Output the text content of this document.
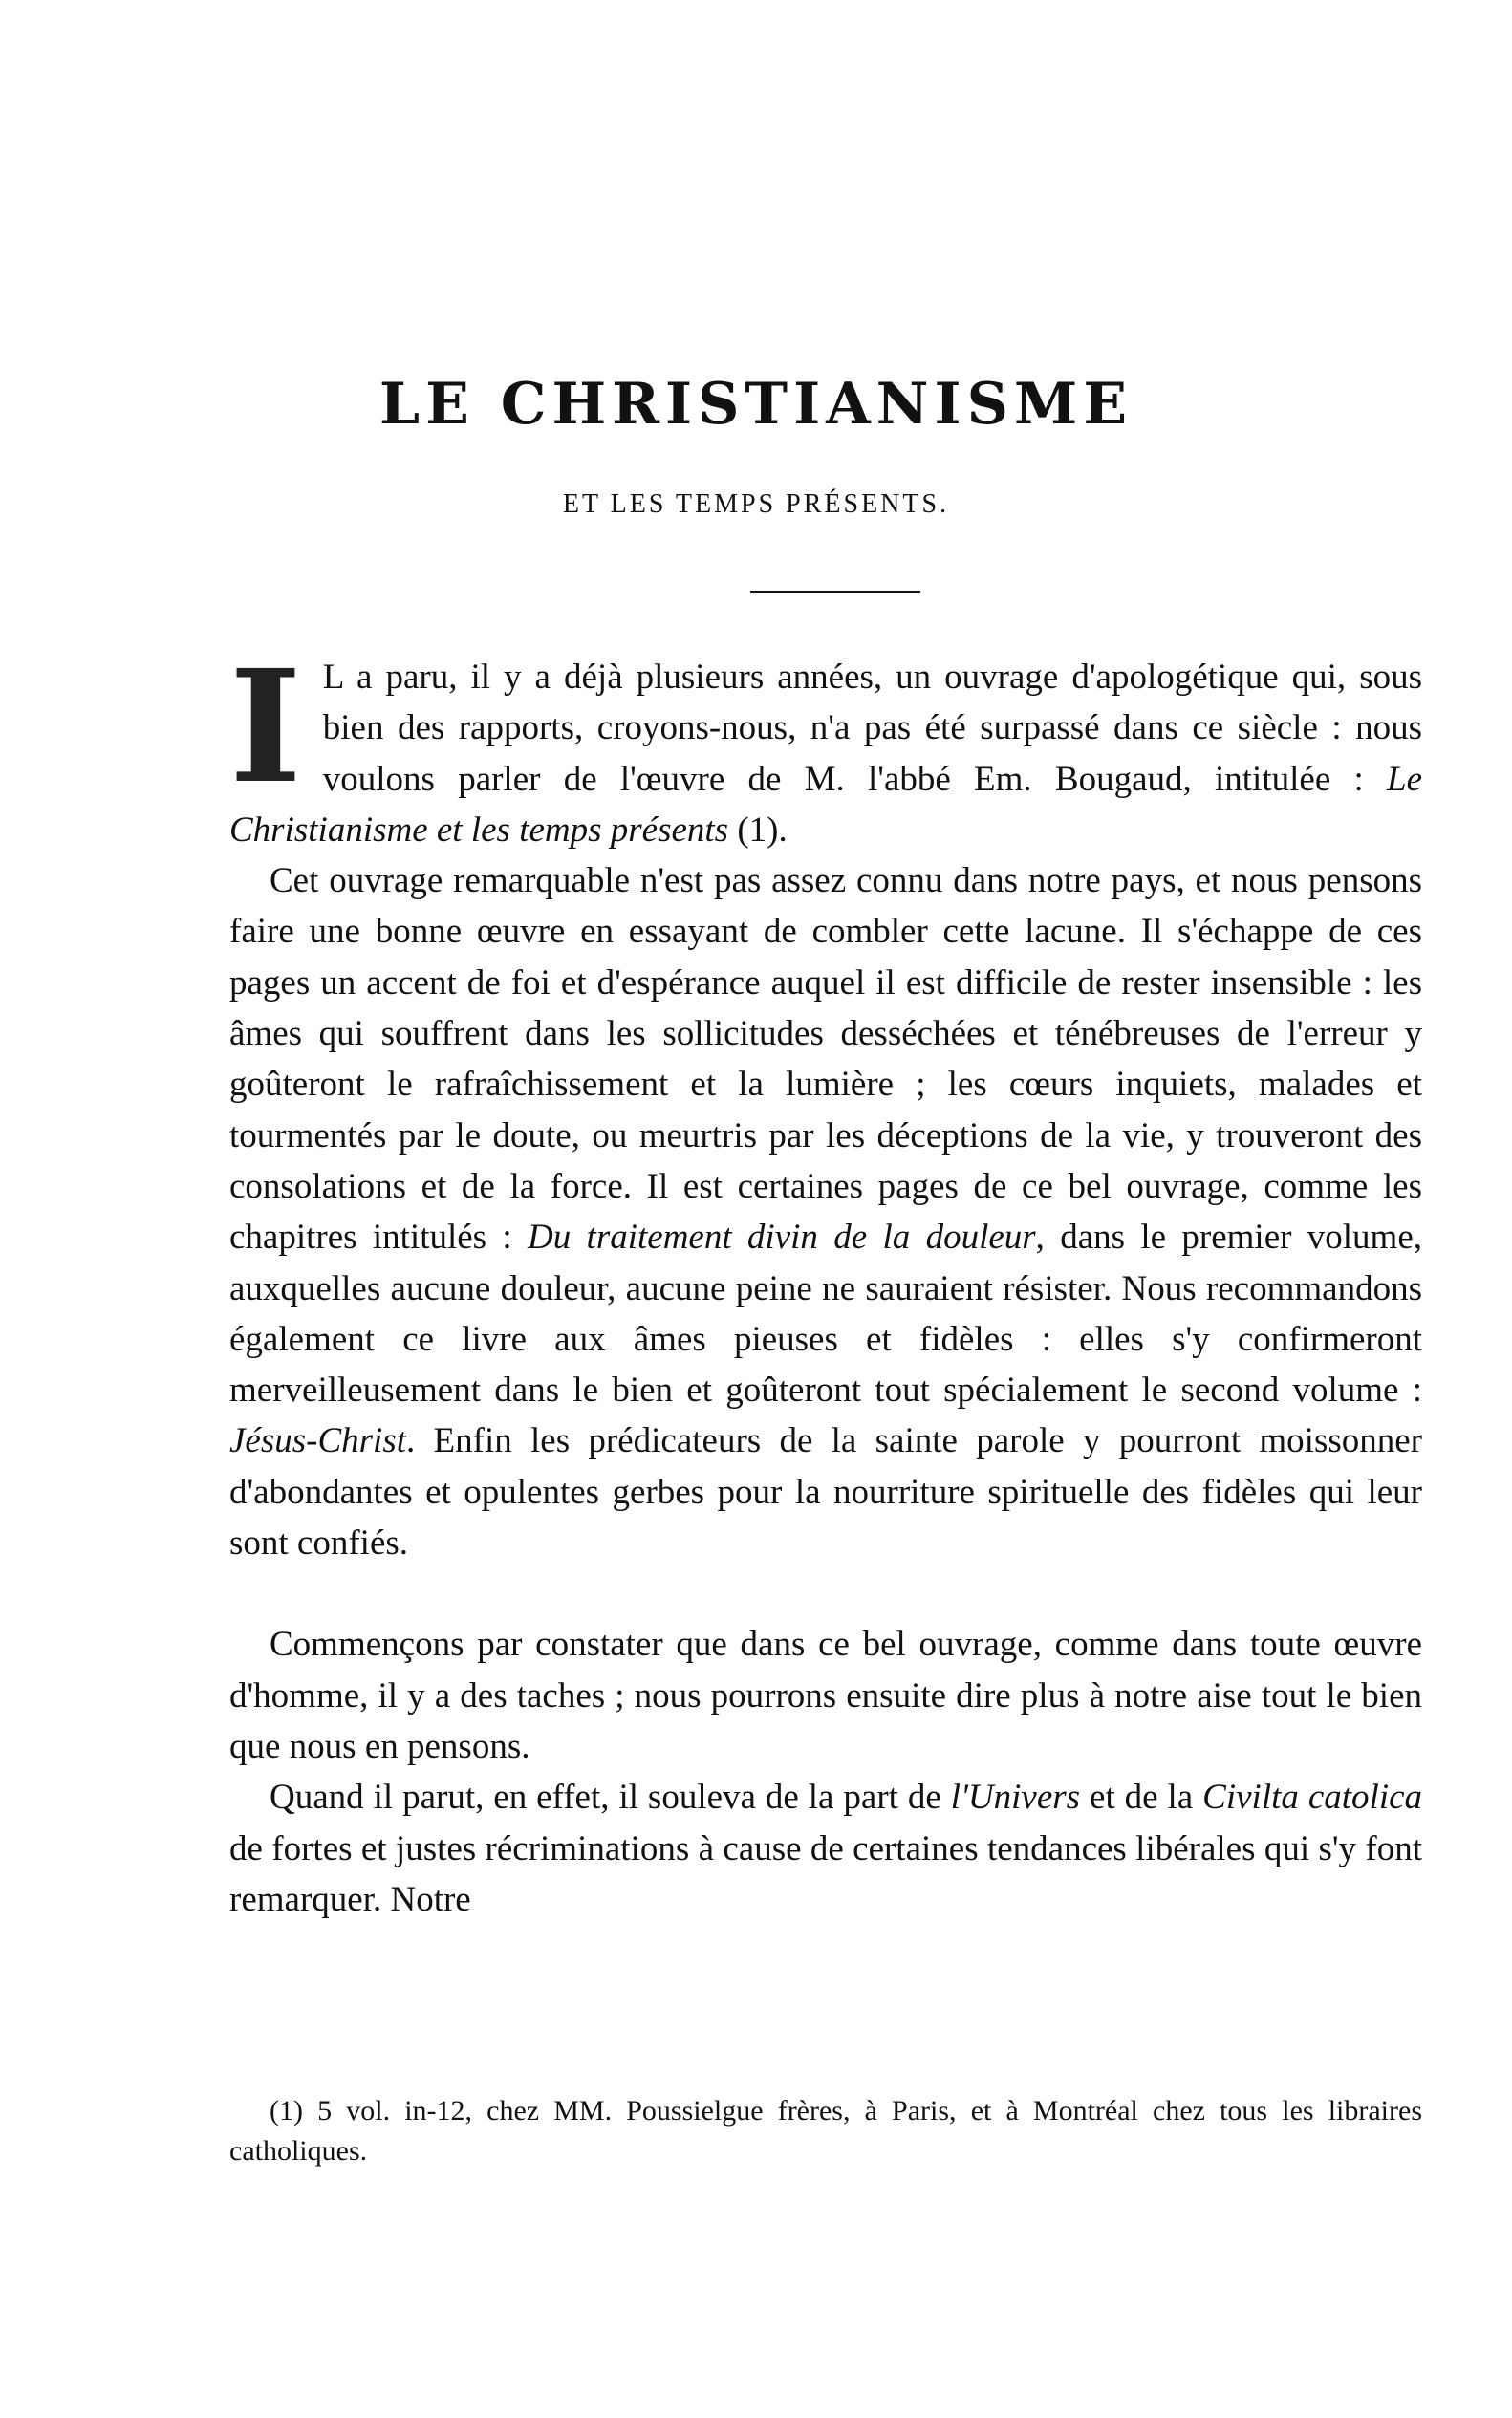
LE CHRISTIANISME
ET LES TEMPS PRÉSENTS.

I L a paru, il y a déjà plusieurs années, un ouvrage d'apologétique qui, sous bien des rapports, croyons-nous, n'a pas été surpassé dans ce siècle : nous voulons parler de l'œuvre de M. l'abbé Em. Bougaud, intitulée : Le Christianisme et les temps présents (1).

Cet ouvrage remarquable n'est pas assez connu dans notre pays, et nous pensons faire une bonne œuvre en essayant de combler cette lacune. Il s'échappe de ces pages un accent de foi et d'espérance auquel il est difficile de rester insensible : les âmes qui souffrent dans les sollicitudes desséchées et ténébreuses de l'erreur y goûteront le rafraîchissement et la lumière ; les cœurs inquiets, malades et tourmentés par le doute, ou meurtris par les déceptions de la vie, y trouveront des consolations et de la force. Il est certaines pages de ce bel ouvrage, comme les chapitres intitulés : Du traitement divin de la douleur, dans le premier volume, auxquelles aucune douleur, aucune peine ne sauraient résister. Nous recommandons également ce livre aux âmes pieuses et fidèles : elles s'y confirmeront merveilleusement dans le bien et goûteront tout spécialement le second volume : Jésus-Christ. Enfin les prédicateurs de la sainte parole y pourront moissonner d'abondantes et opulentes gerbes pour la nourriture spirituelle des fidèles qui leur sont confiés.

Commençons par constater que dans ce bel ouvrage, comme dans toute œuvre d'homme, il y a des taches ; nous pourrons ensuite dire plus à notre aise tout le bien que nous en pensons.

Quand il parut, en effet, il souleva de la part de l'Univers et de la Civilta catolica de fortes et justes récriminations à cause de certaines tendances libérales qui s'y font remarquer. Notre

(1) 5 vol. in-12, chez MM. Poussielgue frères, à Paris, et à Montréal chez tous les libraires catholiques.
